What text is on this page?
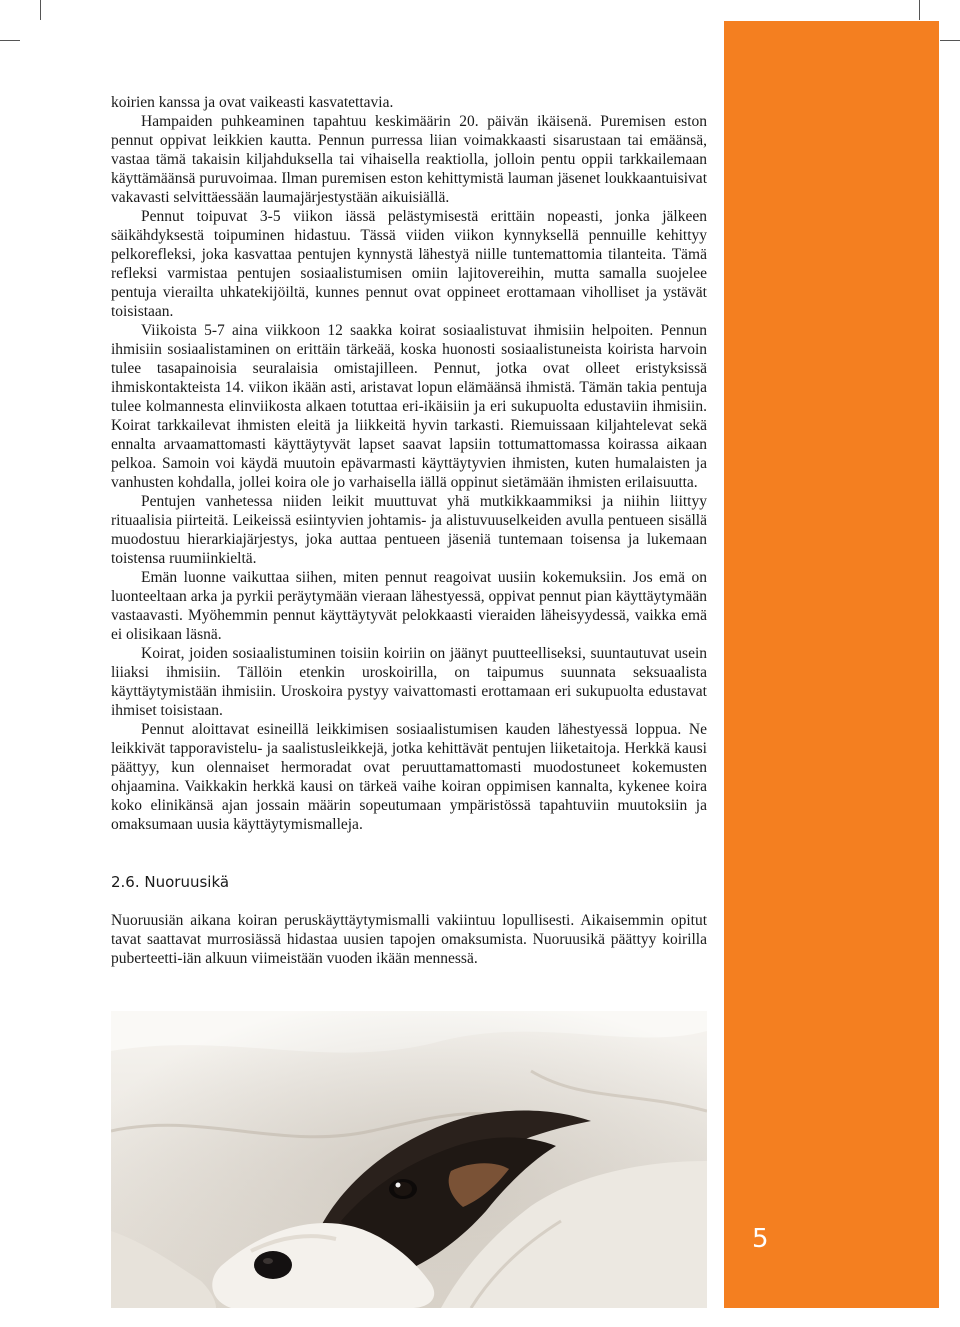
5

koirien kanssa ja ovat vaikeasti kasvatettavia.

Hampaiden puhkeaminen tapahtuu keskimäärin 20. päivän ikäisenä. Puremisen eston pennut oppivat leikkien kautta. Pennun purressa liian voimakkaasti sisarustaan tai emäänsä, vastaa tämä takaisin kiljahduksella tai vihaisella reaktiolla, jolloin pentu oppii tarkkailemaan käyttämäänsä puruvoimaa. Ilman puremisen eston kehittymistä lauman jäsenet loukkaantuisivat vakavasti selvittäessään laumajärjestystään aikuisiällä.

Pennut toipuvat 3-5 viikon iässä pelästymisestä erittäin nopeasti, jonka jälkeen säikähdyksestä toipuminen hidastuu. Tässä viiden viikon kynnyksellä pennuille kehittyy pelkorefleksi, joka kasvattaa pentujen kynnystä lähestyä niille tuntemattomia tilanteita. Tämä refleksi varmistaa pentujen sosiaalistumisen omiin lajitovereihin, mutta samalla suojelee pentuja vierailta uhkatekijöiltä, kunnes pennut ovat oppineet erottamaan viholliset ja ystävät toisistaan.

Viikoista 5-7 aina viikkoon 12 saakka koirat sosiaalistuvat ihmisiin helpoiten. Pennun ihmisiin sosiaalistaminen on erittäin tärkeää, koska huonosti sosiaalistuneista koirista harvoin tulee tasapainoisia seuralaisia omistajilleen. Pennut, jotka ovat olleet eristyksissä ihmiskontakteista 14. viikon ikään asti, aristavat lopun elämäänsä ihmistä. Tämän takia pentuja tulee kolmannesta elinviikosta alkaen totuttaa eri-ikäisiin ja eri sukupuolta edustaviin ihmisiin. Koirat tarkkailevat ihmisten eleitä ja liikkeitä hyvin tarkasti. Riemuissaan kiljahtelevat sekä ennalta arvaamattomasti käyttäytyvät lapset saavat lapsiin tottumattomassa koirassa aikaan pelkoa. Samoin voi käydä muutoin epävarmasti käyttäytyvien ihmisten, kuten humalaisten ja vanhusten kohdalla, jollei koira ole jo varhaisella iällä oppinut sietämään ihmisten erilaisuutta.

Pentujen vanhetessa niiden leikit muuttuvat yhä mutkikkaammiksi ja niihin liittyy rituaalisia piirteitä. Leikeissä esiintyvien johtamis- ja alistuvuuselkeiden avulla pentueen sisällä muodostuu hierarkiajärjestys, joka auttaa pentueen jäseniä tuntemaan toisensa ja lukemaan toistensa ruumiinkieltä.

Emän luonne vaikuttaa siihen, miten pennut reagoivat uusiin kokemuksiin. Jos emä on luonteeltaan arka ja pyrkii peräytymään vieraan lähestyessä, oppivat pennut pian käyttäytymään vastaavasti. Myöhemmin pennut käyttäytyvät pelokkaasti vieraiden läheisyydessä, vaikka emä ei olisikaan läsnä.

Koirat, joiden sosiaalistuminen toisiin koiriin on jäänyt puutteelliseksi, suuntautuvat usein liiaksi ihmisiin. Tällöin etenkin uroskoirilla, on taipumus suunnata seksuaalista käyttäytymistään ihmisiin. Uroskoira pystyy vaivattomasti erottamaan eri sukupuolta edustavat ihmiset toisistaan.

Pennut aloittavat esineillä leikkimisen sosiaalistumisen kauden lähestyessä loppua. Ne leikkivät tapporavistelu- ja saalistusleikkejä, jotka kehittävät pentujen liiketaitoja. Herkkä kausi päättyy, kun olennaiset hermoradat ovat peruuttamattomasti muodostuneet kokemusten ohjaamina. Vaikkakin herkkä kausi on tärkeä vaihe koiran oppimisen kannalta, kykenee koira koko elinikänsä ajan jossain määrin sopeutumaan ympäristössä tapahtuviin muutoksiin ja omaksumaan uusia käyttäytymismalleja.

2.6. Nuoruusikä

Nuoruusiän aikana koiran peruskäyttäytymismalli vakiintuu lopullisesti. Aikaisemmin opitut tavat saattavat murrosiässä hidastaa uusien tapojen omaksumista. Nuoruusikä päättyy koirilla puberteetti-iän alkuun viimeistään vuoden ikään mennessä.
